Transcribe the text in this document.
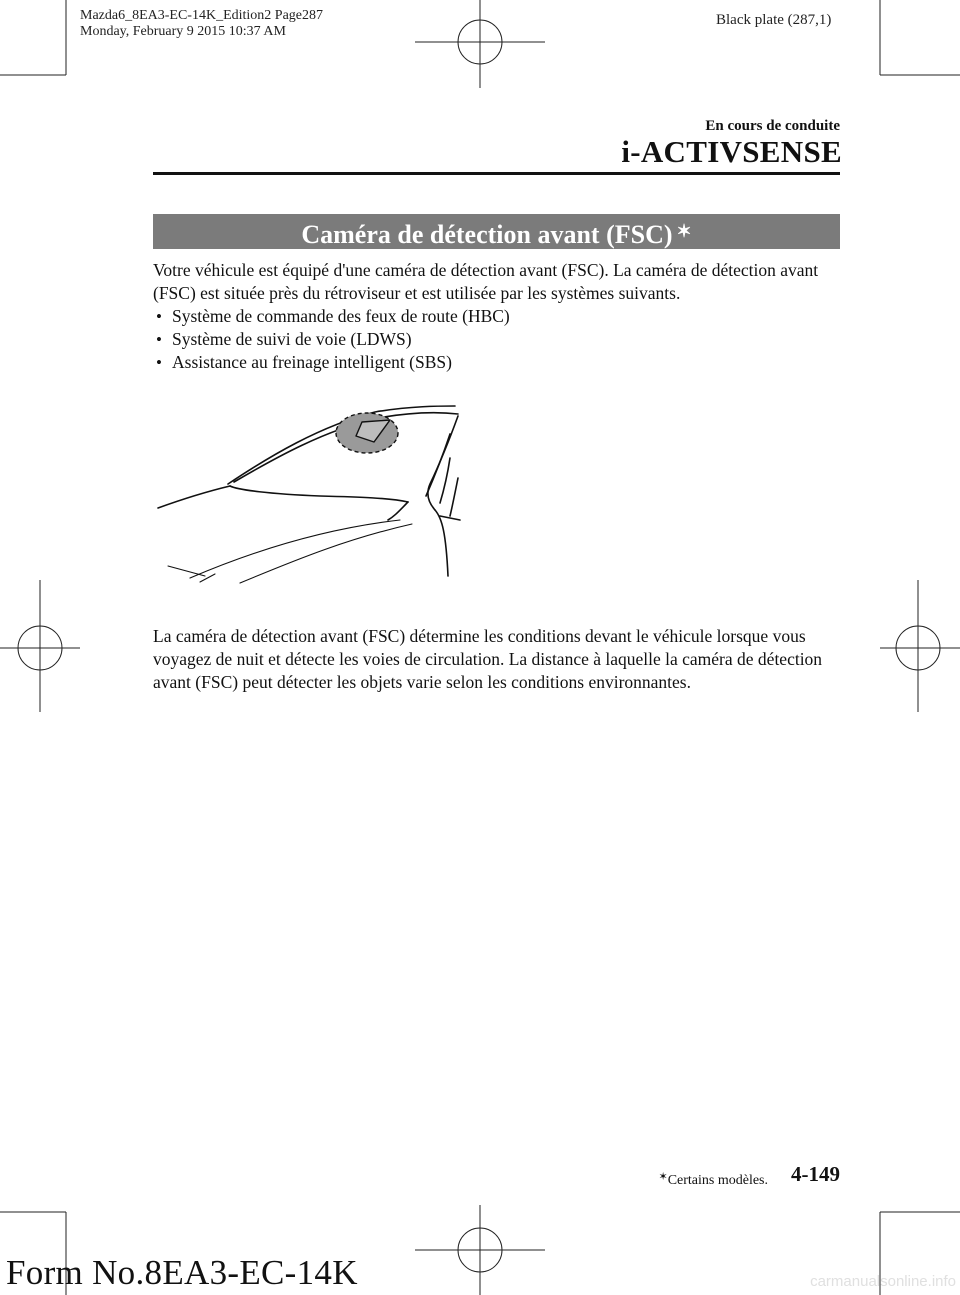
Mazda6_8EA3-EC-14K_Edition2 Page287
Monday, February 9 2015 10:37 AM
Black plate (287,1)
En cours de conduite
i-ACTIVSENSE
Caméra de détection avant (FSC) ✶
Votre véhicule est équipé d'une caméra de détection avant (FSC). La caméra de détection avant (FSC) est située près du rétroviseur et est utilisée par les systèmes suivants.
• Système de commande des feux de route (HBC)
• Système de suivi de voie (LDWS)
• Assistance au freinage intelligent (SBS)
La caméra de détection avant (FSC) détermine les conditions devant le véhicule lorsque vous voyagez de nuit et détecte les voies de circulation. La distance à laquelle la caméra de détection avant (FSC) peut détecter les objets varie selon les conditions environnantes.
✶Certains modèles. 4-149
Form No.8EA3-EC-14K	carmanualsonline.info
